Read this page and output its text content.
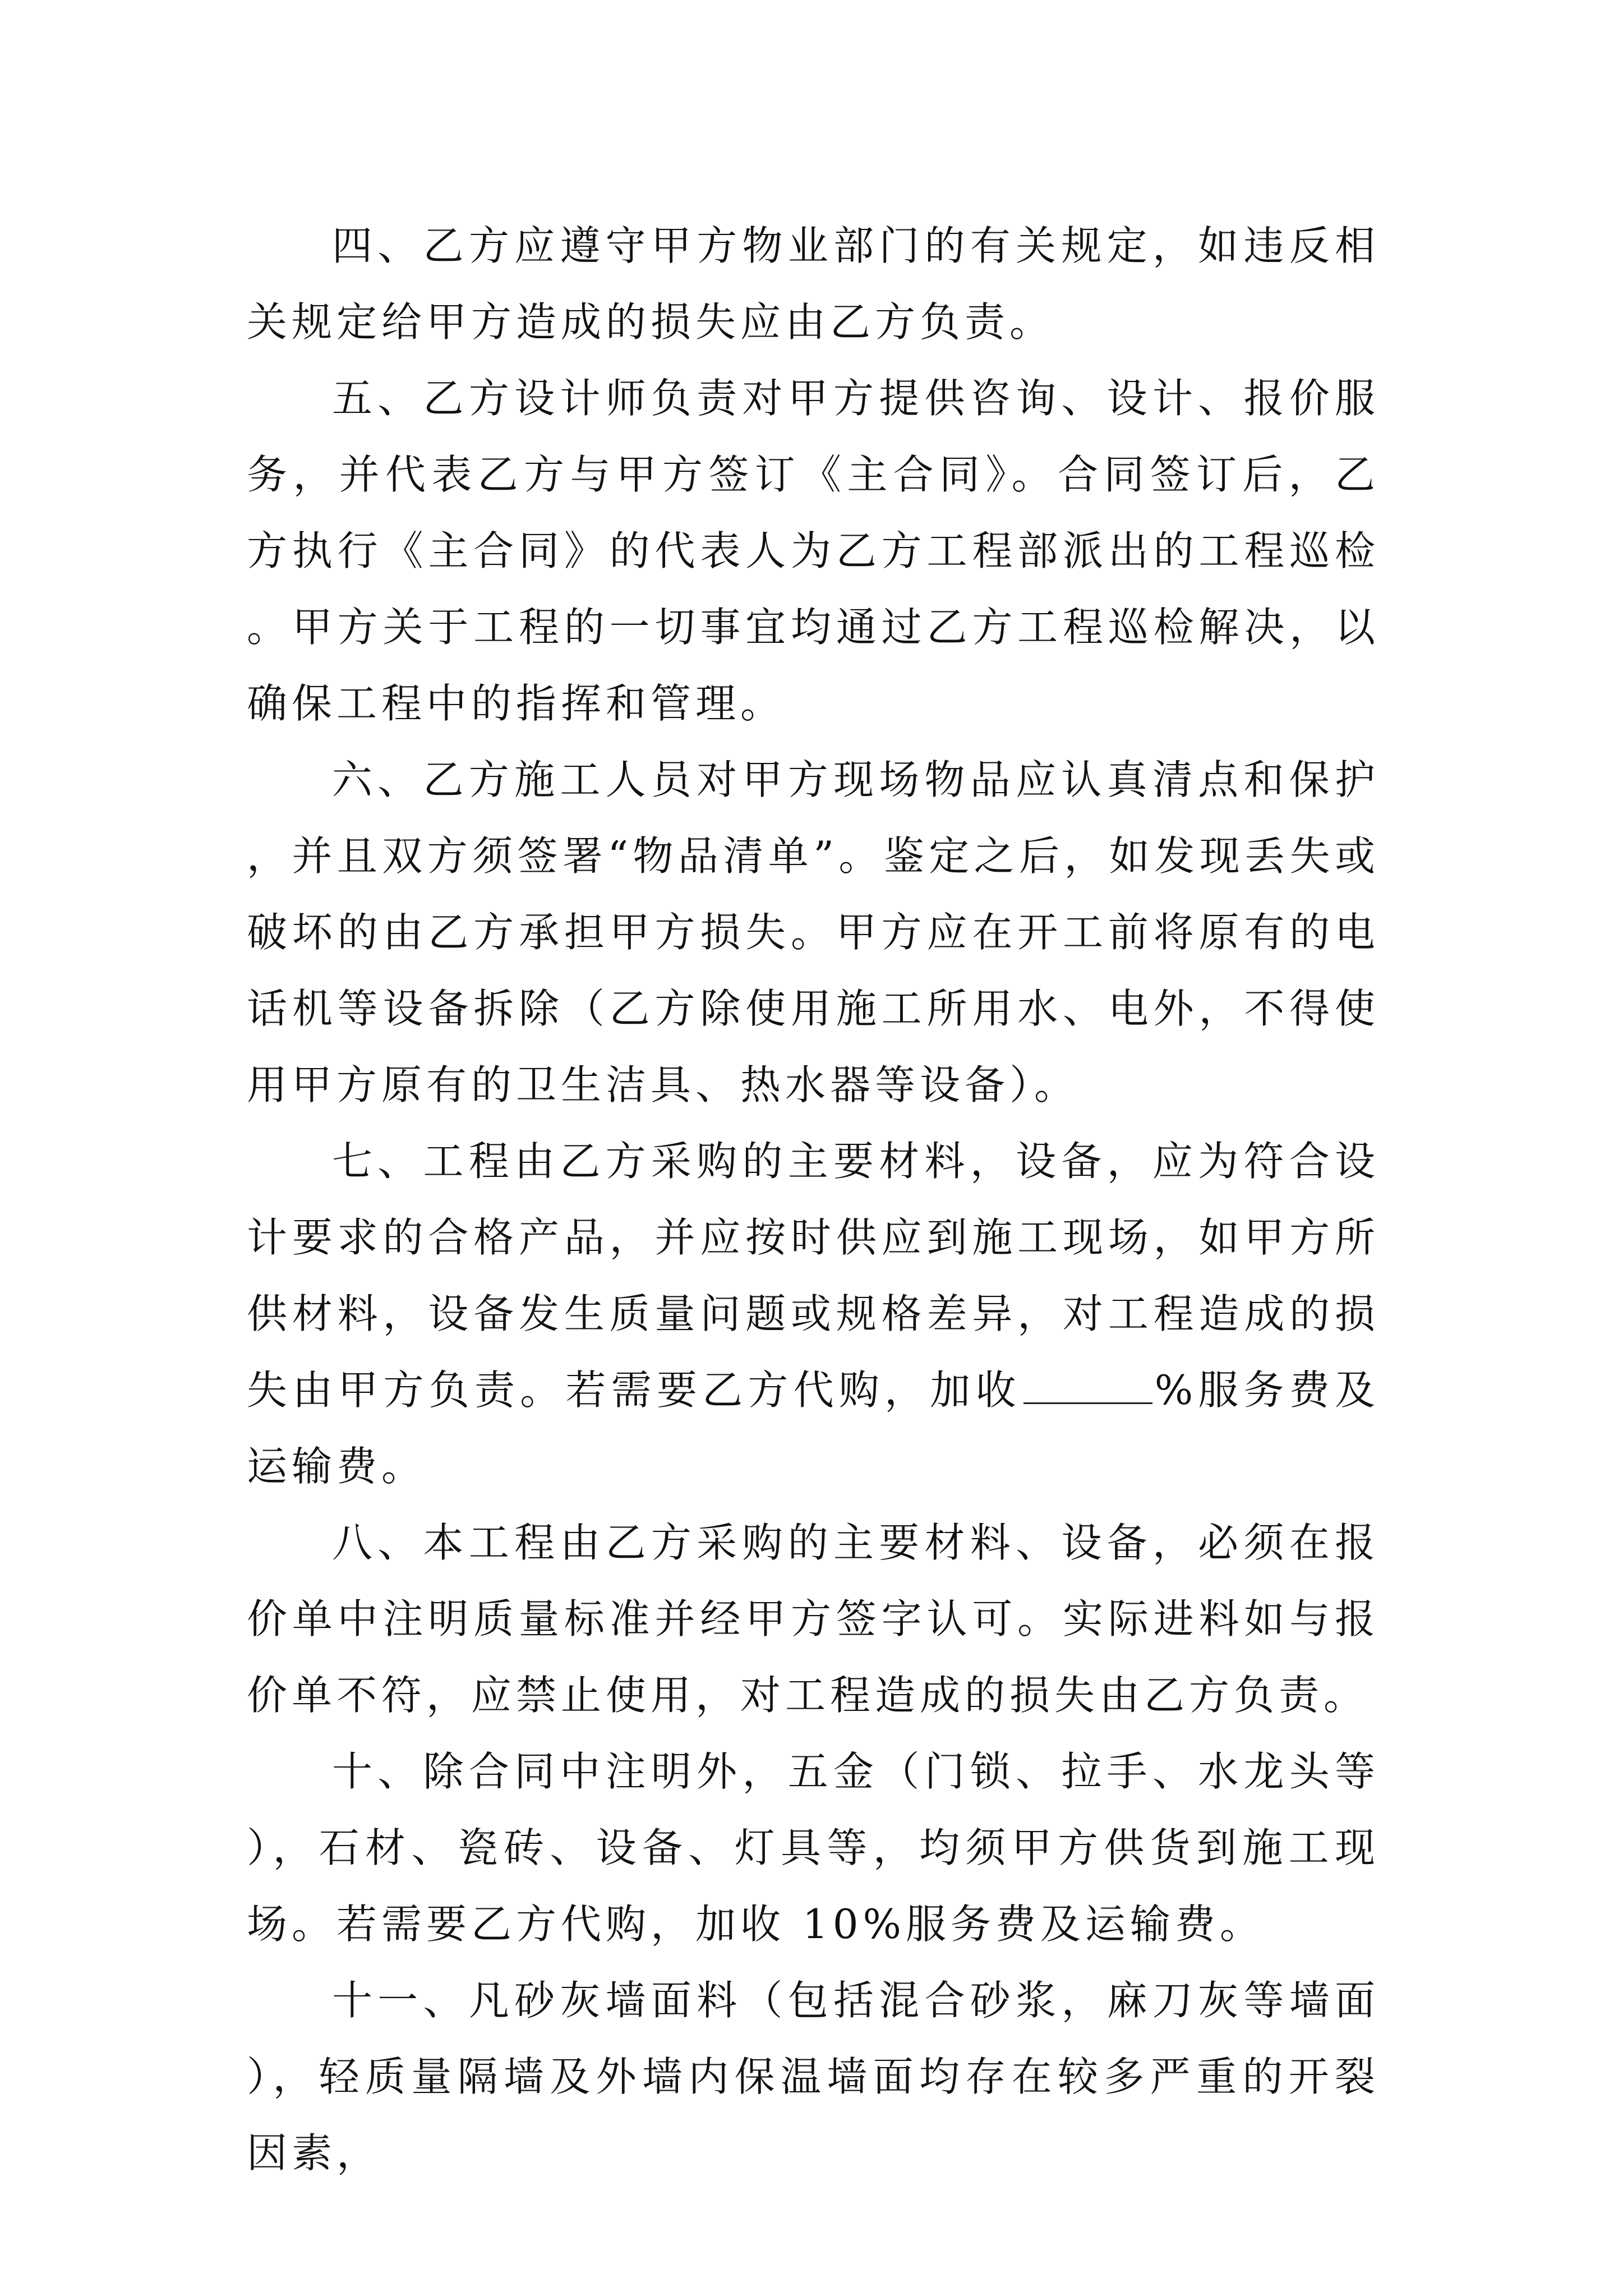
四、乙方应遵守甲方物业部门的有关规定，如违反相关规定给甲方造成的损失应由乙方负责。

五、乙方设计师负责对甲方提供咨询、设计、报价服务，并代表乙方与甲方签订《主合同》。合同签订后，乙方执行《主合同》的代表人为乙方工程部派出的工程巡检。甲方关于工程的一切事宜均通过乙方工程巡检解决，以确保工程中的指挥和管理。

六、乙方施工人员对甲方现场物品应认真清点和保护，并且双方须签署“物品清单”。鉴定之后，如发现丢失或破坏的由乙方承担甲方损失。甲方应在开工前将原有的电话机等设备拆除（乙方除使用施工所用水、电外，不得使用甲方原有的卫生洁具、热水器等设备）。

七、工程由乙方采购的主要材料，设备，应为符合设计要求的合格产品，并应按时供应到施工现场，如甲方所供材料，设备发生质量问题或规格差异，对工程造成的损失由甲方负责。若需要乙方代购，加收	%服务费及运输费。

八、本工程由乙方采购的主要材料、设备，必须在报价单中注明质量标准并经甲方签字认可。实际进料如与报价单不符，应禁止使用，对工程造成的损失由乙方负责。

十、除合同中注明外，五金（门锁、拉手、水龙头等），石材、瓷砖、设备、灯具等，均须甲方供货到施工现场。若需要乙方代购，加收 10%服务费及运输费。

十一、凡砂灰墙面料（包括混合砂浆，麻刀灰等墙面），轻质量隔墙及外墙内保温墙面均存在较多严重的开裂因素，
